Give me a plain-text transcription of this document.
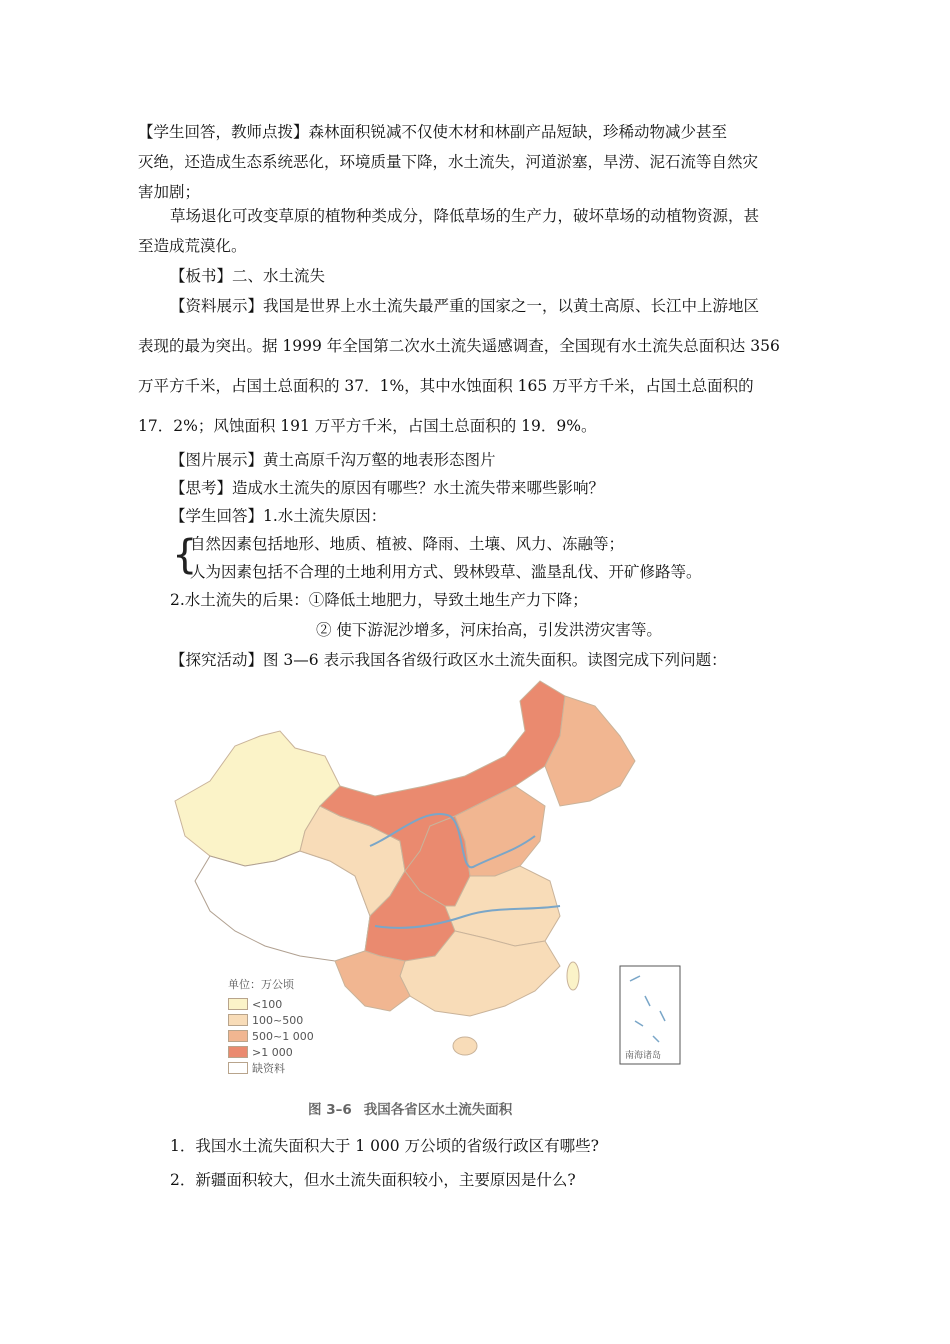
【学生回答，教师点拨】森林面积锐减不仅使木材和林副产品短缺，珍稀动物减少甚至
灭绝，还造成生态系统恶化，环境质量下降，水土流失，河道淤塞，旱涝、泥石流等自然灾
害加剧；
草场退化可改变草原的植物种类成分，降低草场的生产力，破坏草场的动植物资源，甚
至造成荒漠化。
【板书】二、水土流失
【资料展示】我国是世界上水土流失最严重的国家之一，以黄土高原、长江中上游地区
表现的最为突出。据 1999 年全国第二次水土流失遥感调查，全国现有水土流失总面积达 356
万平方千米，占国土总面积的 37．1%，其中水蚀面积 165 万平方千米，占国土总面积的
17．2%；风蚀面积 191 万平方千米，占国土总面积的 19．9%。
【图片展示】黄土高原千沟万壑的地表形态图片
【思考】造成水土流失的原因有哪些？水土流失带来哪些影响？
【学生回答】1.水土流失原因：
{
自然因素包括地形、地质、植被、降雨、土壤、风力、冻融等；
人为因素包括不合理的土地利用方式、毁林毁草、滥垦乱伐、开矿修路等。
2.水土流失的后果：①降低土地肥力，导致土地生产力下降；
② 使下游泥沙增多，河床抬高，引发洪涝灾害等。
【探究活动】图 3—6 表示我国各省级行政区水土流失面积。读图完成下列问题：
南海诸岛
单位：万公顷
<100
100~500
500~1 000
>1 000
缺资料
图 3–6 我国各省区水土流失面积
1．我国水土流失面积大于 1 000 万公顷的省级行政区有哪些?
2．新疆面积较大，但水土流失面积较小，主要原因是什么?
